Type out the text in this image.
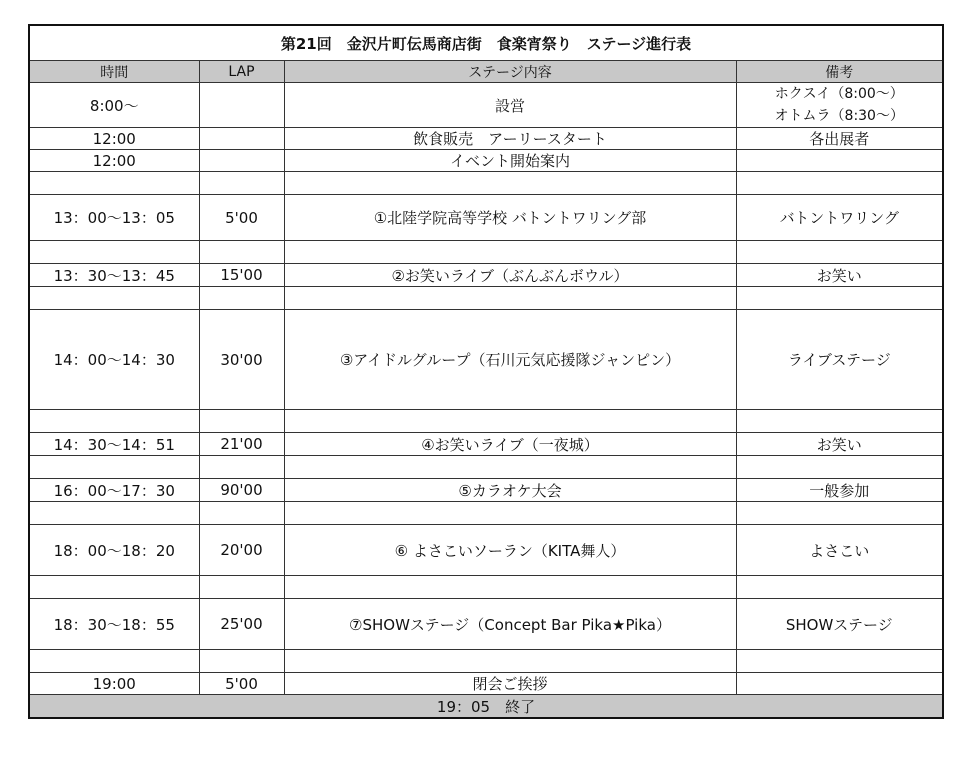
第21回　金沢片町伝馬商店街　食楽宵祭り　ステージ進行表			
時間	LAP	ステージ内容	備考
8:00～		設営	ホクスイ（8:00～）
オトムラ（8:30～）

12:00		飲食販売　アーリースタート	各出展者
12:00		イベント開始案内	

13：00～13：05	5'00	①北陸学院高等学校 バトントワリング部	バトントワリング

13：30～13：45	15'00	②お笑いライブ（ぶんぶんボウル）	お笑い

14：00～14：30	30'00	③アイドルグループ（石川元気応援隊ジャンピン）	ライブステージ

14：30～14：51	21'00	④お笑いライブ（一夜城）	お笑い

16：00～17：30	90'00	⑤カラオケ大会	一般参加

18：00～18：20	20'00	⑥ よさこいソーラン（KITA舞人）	よさこい

18：30～18：55	25'00	⑦SHOWステージ（Concept Bar Pika★Pika）	SHOWステージ

19:00	5'00	閉会ご挨拶	
19：05　終了			
